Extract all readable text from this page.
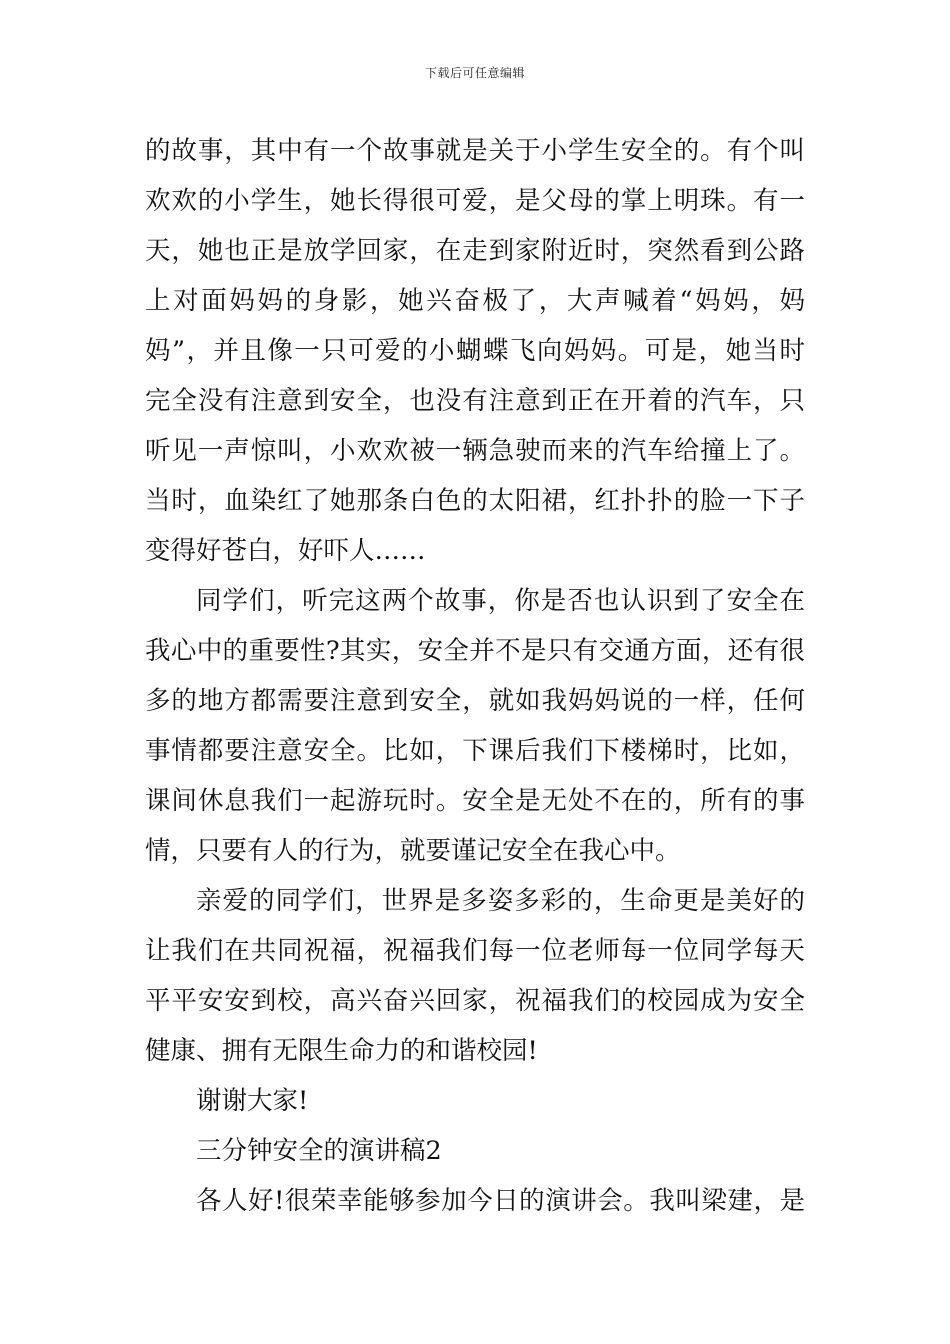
下载后可任意编辑
的故事，其中有一个故事就是关于小学生安全的。有个叫
欢欢的小学生，她长得很可爱，是父母的掌上明珠。有一
天，她也正是放学回家，在走到家附近时，突然看到公路
上对面妈妈的身影，她兴奋极了，大声喊着“妈妈，妈
妈”，并且像一只可爱的小蝴蝶飞向妈妈。可是，她当时
完全没有注意到安全，也没有注意到正在开着的汽车，只
听见一声惊叫，小欢欢被一辆急驶而来的汽车给撞上了。
当时，血染红了她那条白色的太阳裙，红扑扑的脸一下子
变得好苍白，好吓人……
同学们，听完这两个故事，你是否也认识到了安全在
我心中的重要性?其实，安全并不是只有交通方面，还有很
多的地方都需要注意到安全，就如我妈妈说的一样，任何
事情都要注意安全。比如，下课后我们下楼梯时，比如，
课间休息我们一起游玩时。安全是无处不在的，所有的事
情，只要有人的行为，就要谨记安全在我心中。
亲爱的同学们，世界是多姿多彩的，生命更是美好的
让我们在共同祝福，祝福我们每一位老师每一位同学每天
平平安安到校，高兴奋兴回家，祝福我们的校园成为安全
健康、拥有无限生命力的和谐校园!
谢谢大家!
三分钟安全的演讲稿2
各人好!很荣幸能够参加今日的演讲会。我叫梁建，是
